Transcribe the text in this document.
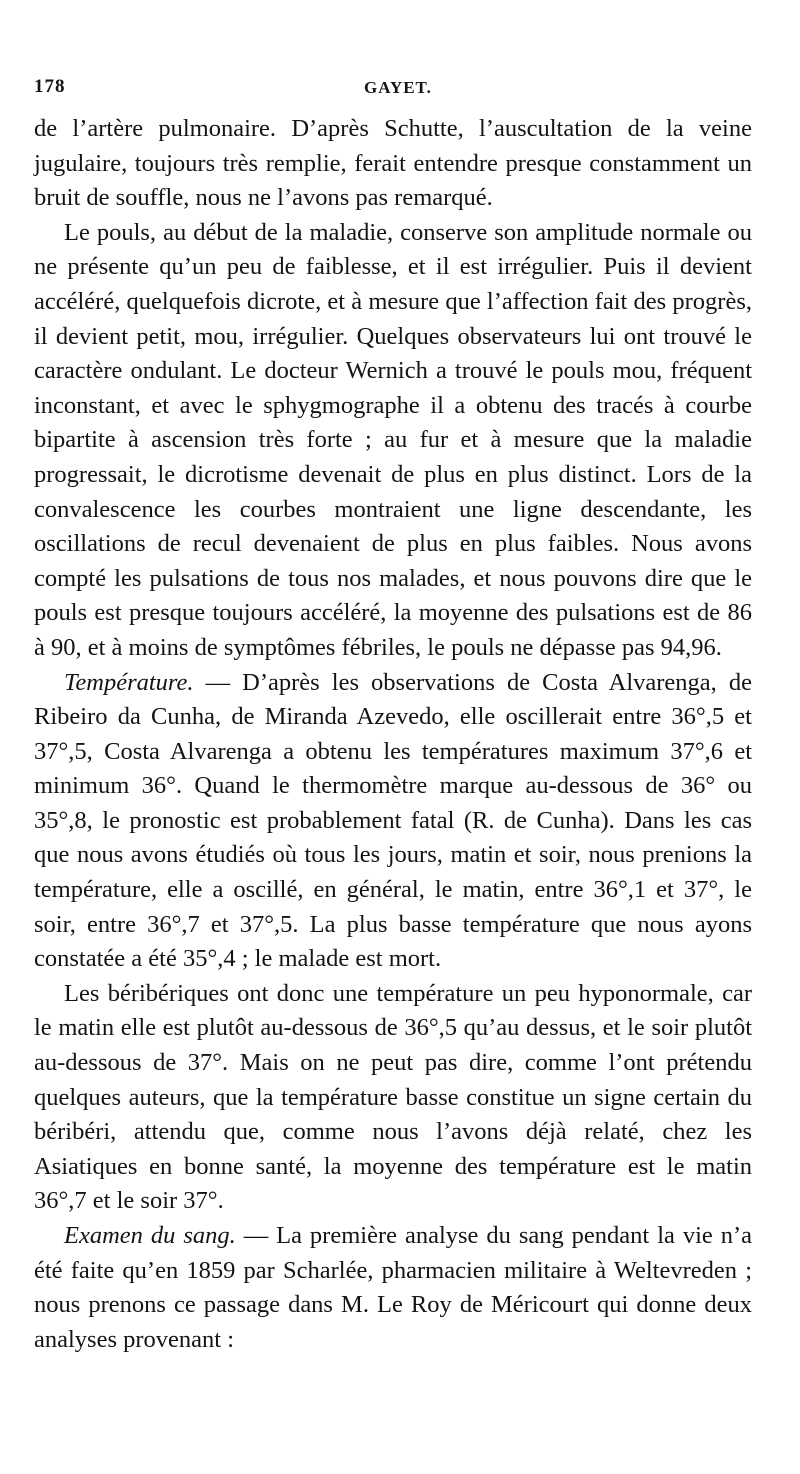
178	GAYET.

de l’artère pulmonaire. D’après Schutte, l’auscultation de la veine jugulaire, toujours très remplie, ferait entendre presque constamment un bruit de souffle, nous ne l’avons pas remarqué.

Le pouls, au début de la maladie, conserve son amplitude normale ou ne présente qu’un peu de faiblesse, et il est irrégulier. Puis il devient accéléré, quelquefois dicrote, et à mesure que l’affection fait des progrès, il devient petit, mou, irrégulier. Quelques observateurs lui ont trouvé le caractère ondulant. Le docteur Wernich a trouvé le pouls mou, fréquent inconstant, et avec le sphygmographe il a obtenu des tracés à courbe bipartite à ascension très forte ; au fur et à mesure que la maladie progressait, le dicrotisme devenait de plus en plus distinct. Lors de la convalescence les courbes montraient une ligne descendante, les oscillations de recul devenaient de plus en plus faibles. Nous avons compté les pulsations de tous nos malades, et nous pouvons dire que le pouls est presque toujours accéléré, la moyenne des pulsations est de 86 à 90, et à moins de symptômes fébriles, le pouls ne dépasse pas 94,96.

Température. — D’après les observations de Costa Alvarenga, de Ribeiro da Cunha, de Miranda Azevedo, elle oscillerait entre 36°,5 et 37°,5, Costa Alvarenga a obtenu les températures maximum 37°,6 et minimum 36°. Quand le thermomètre marque au-dessous de 36° ou 35°,8, le pronostic est probablement fatal (R. de Cunha). Dans les cas que nous avons étudiés où tous les jours, matin et soir, nous prenions la température, elle a oscillé, en général, le matin, entre 36°,1 et 37°, le soir, entre 36°,7 et 37°,5. La plus basse température que nous ayons constatée a été 35°,4 ; le malade est mort.

Les béribériques ont donc une température un peu hyponormale, car le matin elle est plutôt au-dessous de 36°,5 qu’au dessus, et le soir plutôt au-dessous de 37°. Mais on ne peut pas dire, comme l’ont prétendu quelques auteurs, que la température basse constitue un signe certain du béribéri, attendu que, comme nous l’avons déjà relaté, chez les Asiatiques en bonne santé, la moyenne des température est le matin 36°,7 et le soir 37°.

Examen du sang. — La première analyse du sang pendant la vie n’a été faite qu’en 1859 par Scharlée, pharmacien militaire à Weltevreden ; nous prenons ce passage dans M. Le Roy de Méricourt qui donne deux analyses provenant :
